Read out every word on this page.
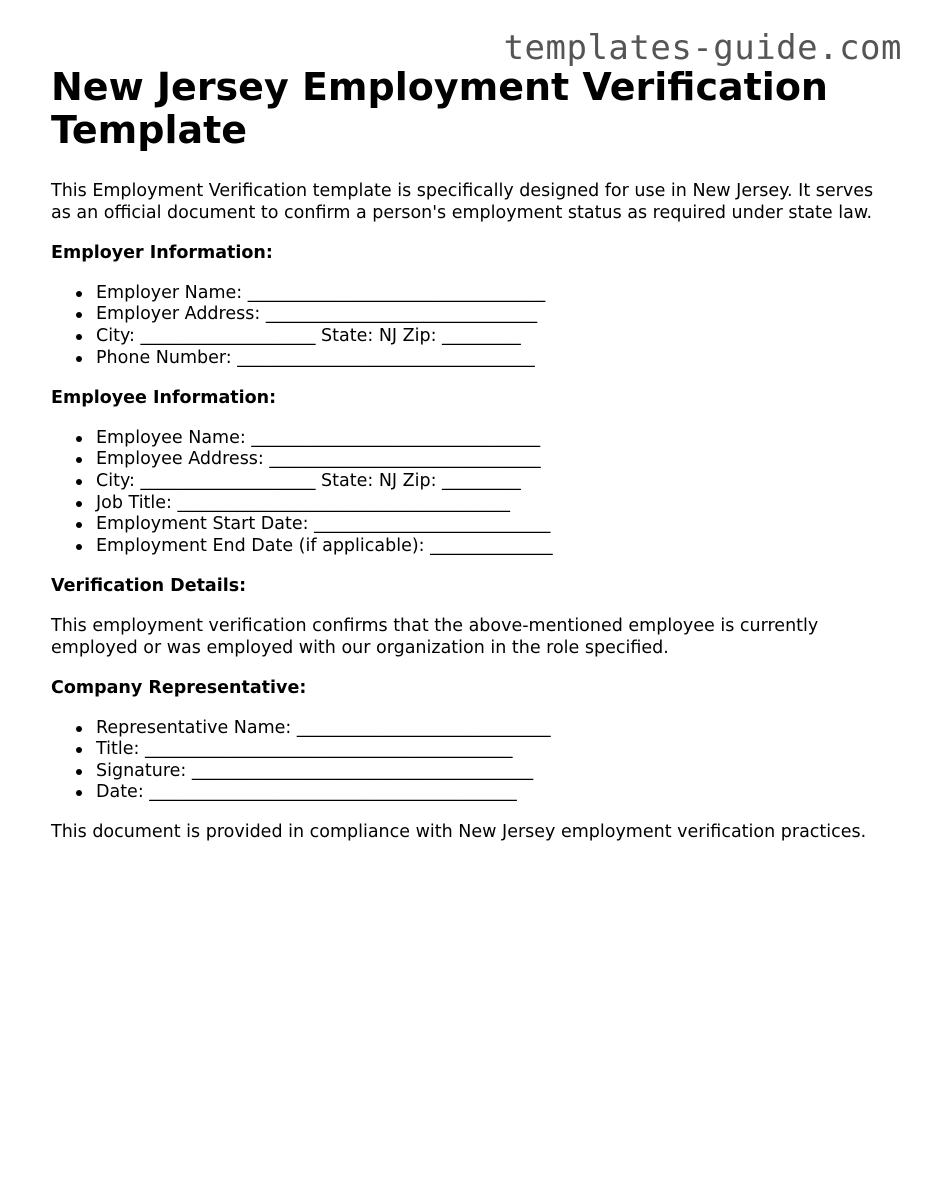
templates-guide.com
New Jersey Employment Verification Template

This Employment Verification template is specifically designed for use in New Jersey. It serves as an official document to confirm a person's employment status as required under state law.

Employer Information:
Employer Name: __________________________________
Employer Address: _______________________________
City: ____________________ State: NJ Zip: _________
Phone Number: __________________________________
Employee Information:
Employee Name: _________________________________
Employee Address: _______________________________
City: ____________________ State: NJ Zip: _________
Job Title: ______________________________________
Employment Start Date: ___________________________
Employment End Date (if applicable): ______________
Verification Details:

This employment verification confirms that the above-mentioned employee is currently employed or was employed with our organization in the role specified.

Company Representative:
Representative Name: _____________________________
Title: __________________________________________
Signature: _______________________________________
Date: __________________________________________

This document is provided in compliance with New Jersey employment verification practices.
